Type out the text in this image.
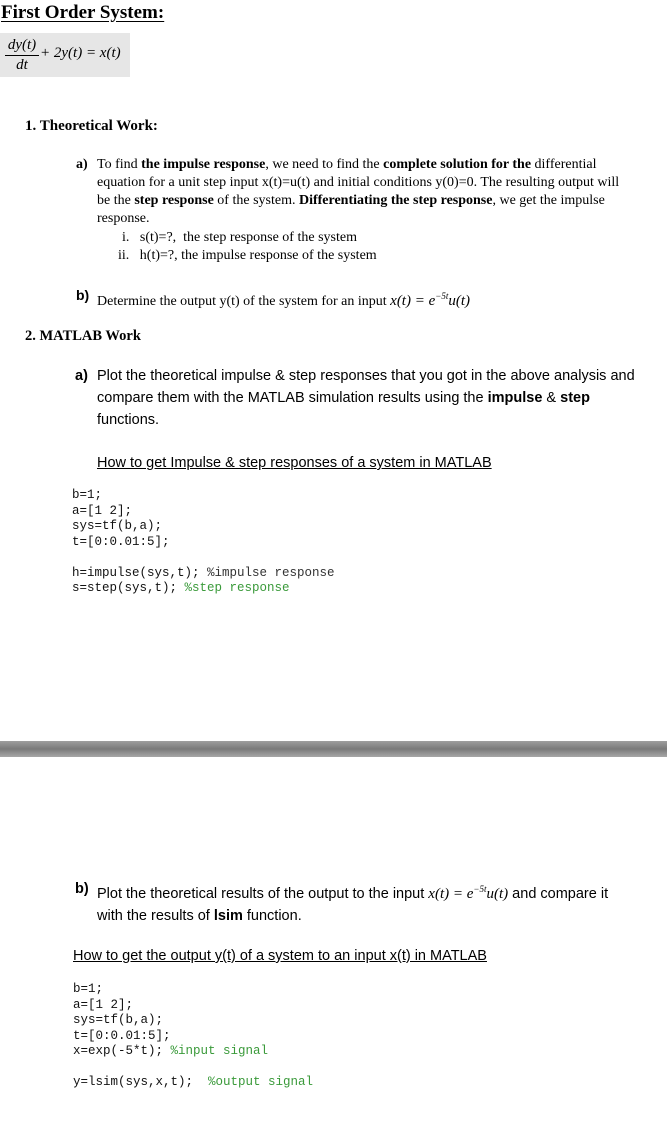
First Order System:
dy(t)
dt
+ 2y(t) = x(t)
1. Theoretical Work:
a) To find the impulse response, we need to find the complete solution for the differential equation for a unit step input x(t)=u(t) and initial conditions y(0)=0. The resulting output will be the step response of the system. Differentiating the step response, we get the impulse response.
i.   s(t)=?,  the step response of the system
ii.   h(t)=?, the impulse response of the system
b) Determine the output y(t) of the system for an input $x(t) = e^{-5t}u(t)$
2. MATLAB Work
a) Plot the theoretical impulse & step responses that you got in the above analysis and compare them with the MATLAB simulation results using the impulse & step functions.
How to get Impulse & step responses of a system in MATLAB
b=1;
a=[1 2];
sys=tf(b,a);
t=[0:0.01:5];
h=impulse(sys,t); %impulse response
s=step(sys,t); %step response
b) Plot the theoretical results of the output to the input $x(t) = e^{-5t}u(t)$ and compare it with the results of lsim function.
How to get the output y(t) of a system to an input x(t) in MATLAB
b=1;
a=[1 2];
sys=tf(b,a);
t=[0:0.01:5];
x=exp(-5*t); %input signal
y=lsim(sys,x,t);  %output signal
